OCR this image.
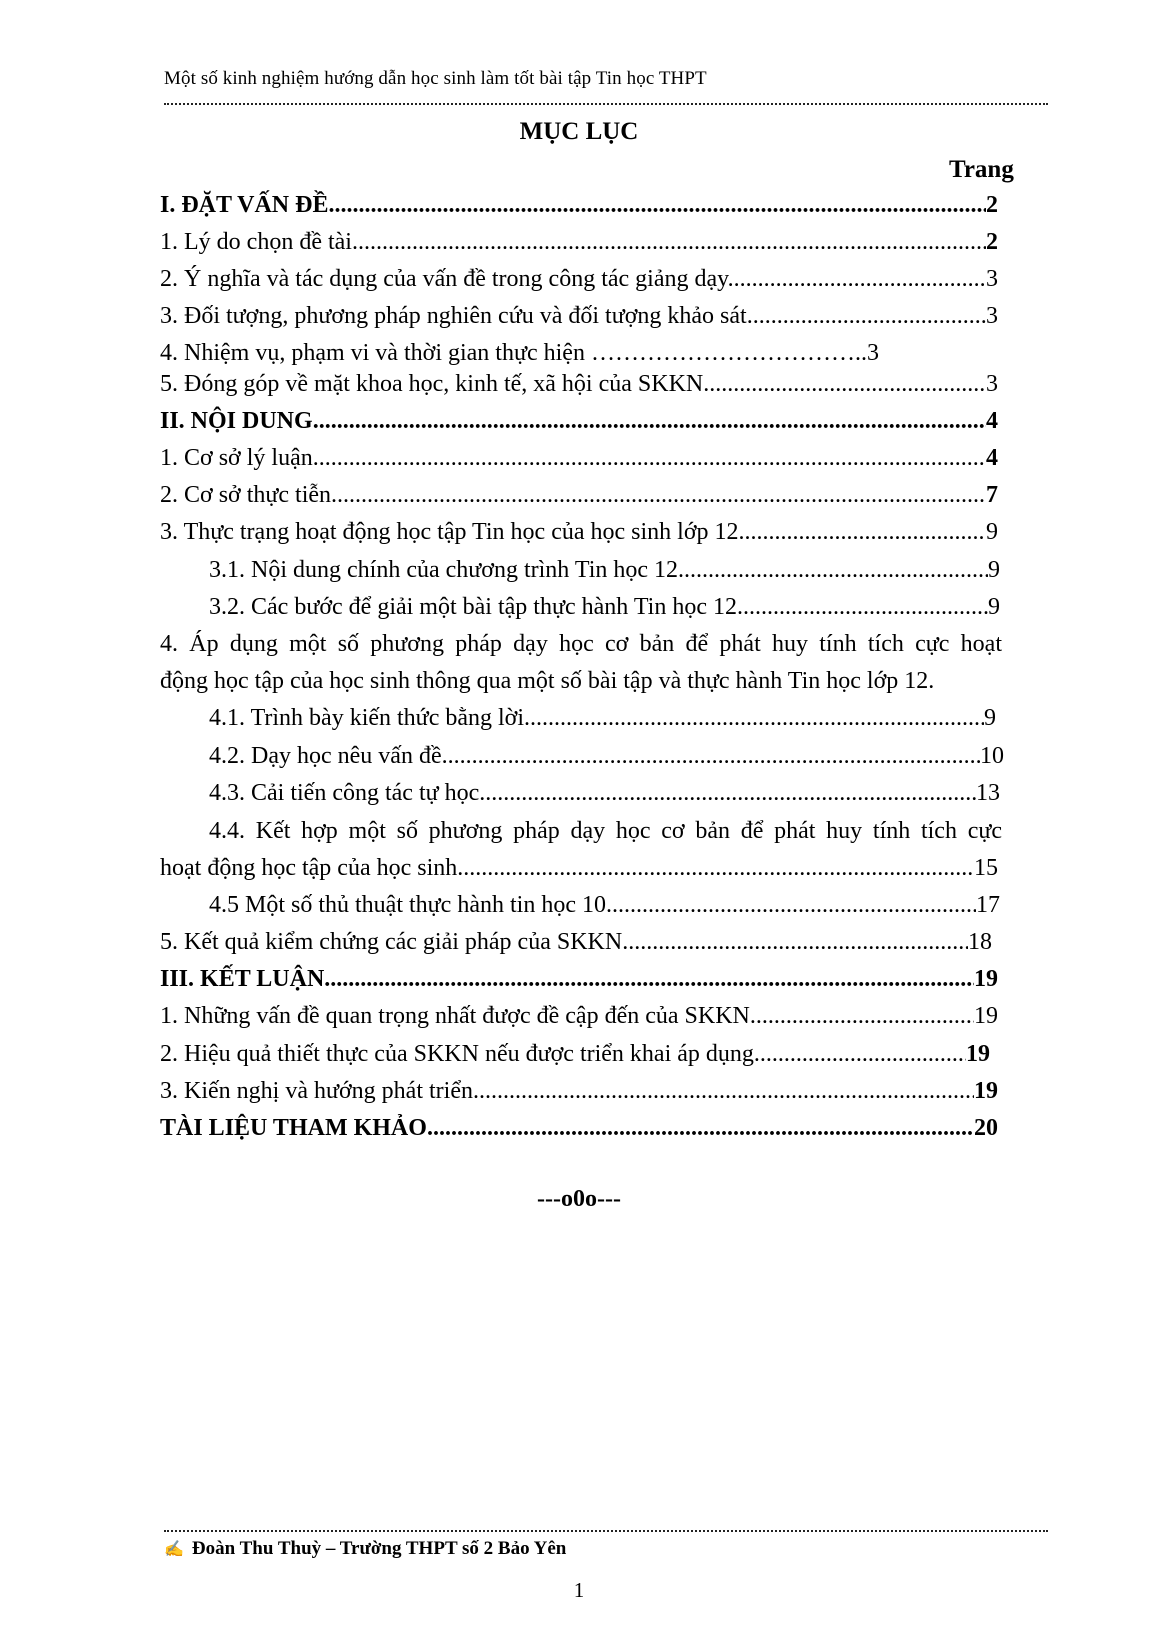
Một số kinh nghiệm hướng dẫn học sinh làm tốt bài tập Tin học THPT
MỤC LỤC
Trang
I. ĐẶT VẤN ĐỀ .....	2
1. Lý do chọn đề tài. .....	2
2. Ý nghĩa và tác dụng của vấn đề trong công tác giảng dạy. .....	3
3. Đối tượng, phương pháp nghiên cứu và đối tượng khảo sát. .....	3
4. Nhiệm vụ, phạm vi và thời gian thực hiện ……………………………..3
5. Đóng góp về mặt khoa học, kinh tế, xã hội của SKKN .....	3
II. NỘI DUNG .....	4
1. Cơ sở lý luận. .....	4
2. Cơ sở thực tiễn .....	7
3. Thực trạng hoạt động học tập Tin học của học sinh lớp 12 .....	9
3.1. Nội dung chính của chương trình Tin học 12 .....	9
3.2. Các bước để giải một bài tập thực hành Tin học 12 .....	9
4. Áp dụng một số phương pháp dạy học cơ bản để phát huy tính tích cực hoạt
động học tập của học sinh thông qua một số bài tập và thực hành Tin học lớp 12.
4.1. Trình bày kiến thức bằng lời .....	9
4.2. Dạy học nêu vấn đề .....	10
4.3. Cải tiến công tác tự học .....	13
4.4. Kết hợp một số phương pháp dạy học cơ bản để phát huy tính tích cực
hoạt động học tập của học sinh .....	15
4.5 Một số thủ thuật thực hành tin học 10 .....	17
5. Kết quả kiểm chứng các giải pháp của SKKN .....	18
III. KẾT LUẬN .....	19
1. Những vấn đề quan trọng nhất được đề cập đến của SKKN .....	19
2. Hiệu quả thiết thực của SKKN nếu được triển khai áp dụng .....	19
3. Kiến nghị và hướng phát triển .....	19
TÀI LIỆU THAM KHẢO .....	20
---o0o---
✍ Đoàn Thu Thuỳ – Trường THPT số 2 Bảo Yên
1
